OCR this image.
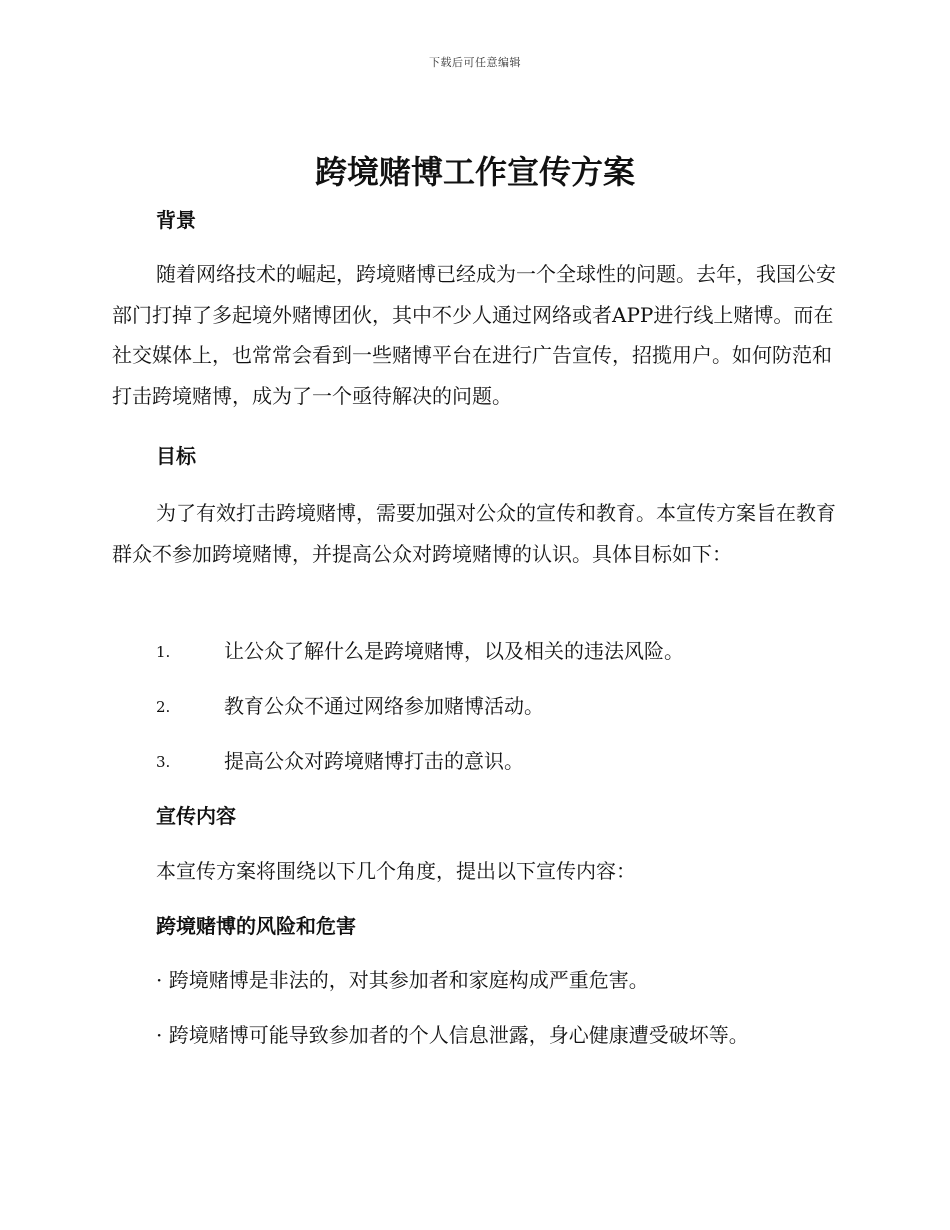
下载后可任意编辑
跨境赌博工作宣传方案
背景

随着网络技术的崛起，跨境赌博已经成为一个全球性的问题。去年，我国公安部门打掉了多起境外赌博团伙，其中不少人通过网络或者APP进行线上赌博。而在社交媒体上，也常常会看到一些赌博平台在进行广告宣传，招揽用户。如何防范和打击跨境赌博，成为了一个亟待解决的问题。

目标

为了有效打击跨境赌博，需要加强对公众的宣传和教育。本宣传方案旨在教育群众不参加跨境赌博，并提高公众对跨境赌博的认识。具体目标如下：

1.	让公众了解什么是跨境赌博，以及相关的违法风险。
2.	教育公众不通过网络参加赌博活动。
3.	提高公众对跨境赌博打击的意识。
宣传内容

本宣传方案将围绕以下几个角度，提出以下宣传内容：

跨境赌博的风险和危害

· 跨境赌博是非法的，对其参加者和家庭构成严重危害。

· 跨境赌博可能导致参加者的个人信息泄露，身心健康遭受破坏等。
